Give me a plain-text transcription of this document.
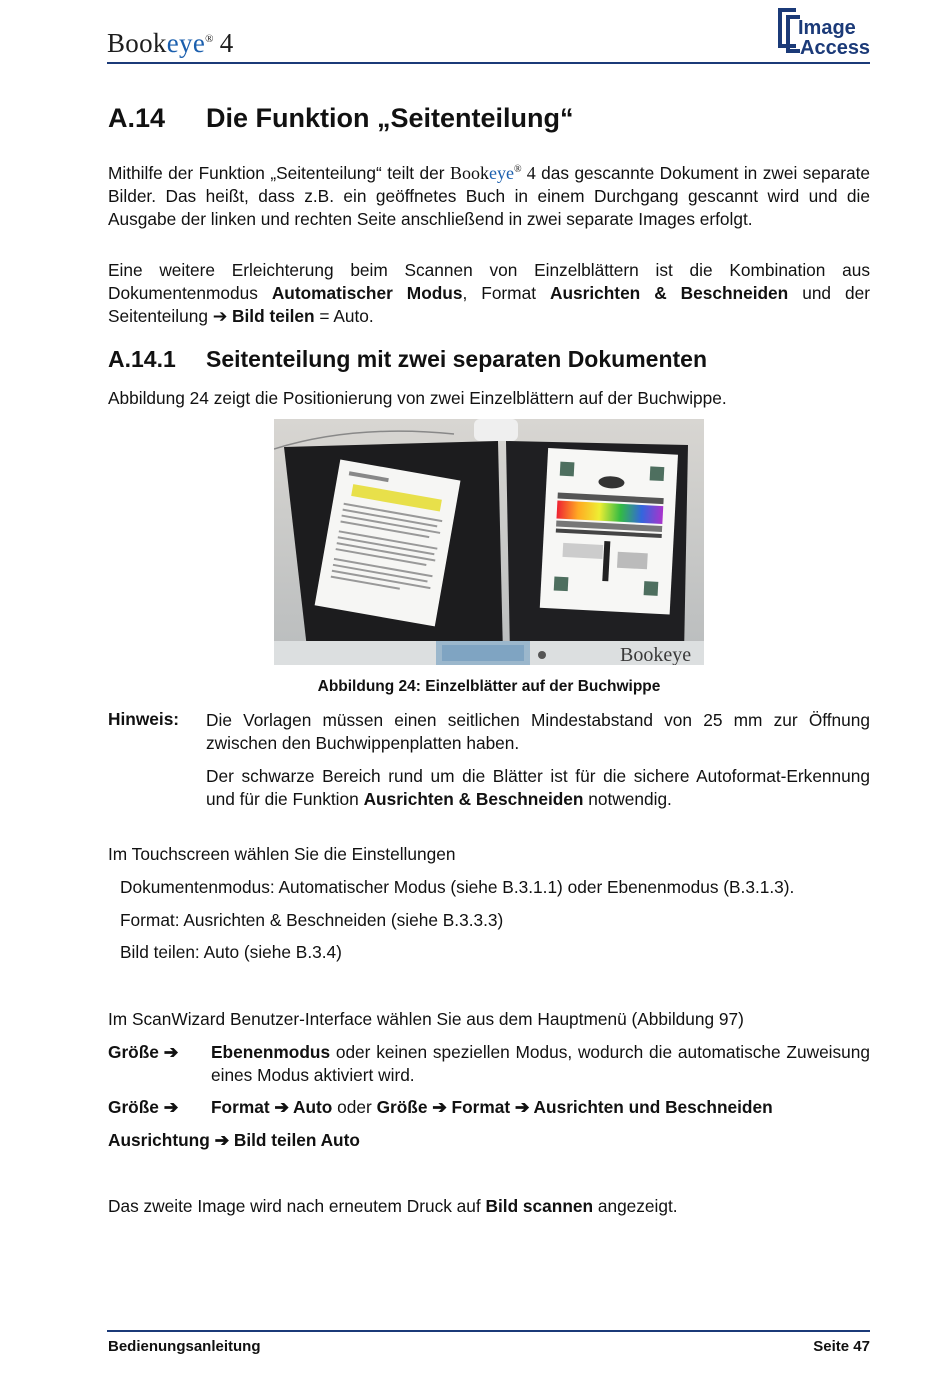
Bookeye® 4	Image
Access
A.14 Die Funktion „Seitenteilung“

Mithilfe der Funktion „Seitenteilung“ teilt der Bookeye® 4 das gescannte Dokument in zwei separate Bilder. Das heißt, dass z.B. ein geöffnetes Buch in einem Durchgang gescannt wird und die Ausgabe der linken und rechten Seite anschließend in zwei separate Images erfolgt.

Eine weitere Erleichterung beim Scannen von Einzelblättern ist die Kombination aus Dokumentenmodus Automatischer Modus, Format Ausrichten & Beschneiden und der Seitenteilung ➔ Bild teilen = Auto.

A.14.1 Seitenteilung mit zwei separaten Dokumenten

Abbildung 24 zeigt die Positionierung von zwei Einzelblättern auf der Buchwippe.

Bookeye
Abbildung 24: Einzelblätter auf der Buchwippe
Hinweis: Die Vorlagen müssen einen seitlichen Mindestabstand von 25 mm zur Öffnung zwischen den Buchwippenplatten haben.

Der schwarze Bereich rund um die Blätter ist für die sichere Autoformat-Erkennung und für die Funktion Ausrichten & Beschneiden notwendig.

Im Touchscreen wählen Sie die Einstellungen
Dokumentenmodus: Automatischer Modus (siehe B.3.1.1) oder Ebenenmodus (B.3.1.3).
Format: Ausrichten & Beschneiden (siehe B.3.3.3)
Bild teilen: Auto (siehe B.3.4)
Im ScanWizard Benutzer-Interface wählen Sie aus dem Hauptmenü (Abbildung 97)
Größe ➔ Ebenenmodus oder keinen speziellen Modus, wodurch die automatische Zuweisung eines Modus aktiviert wird.

Größe ➔ Format ➔ Auto oder Größe ➔ Format ➔ Ausrichten und Beschneiden

Ausrichtung ➔ Bild teilen Auto
Das zweite Image wird nach erneutem Druck auf Bild scannen angezeigt.
Bedienungsanleitung	Seite 47
